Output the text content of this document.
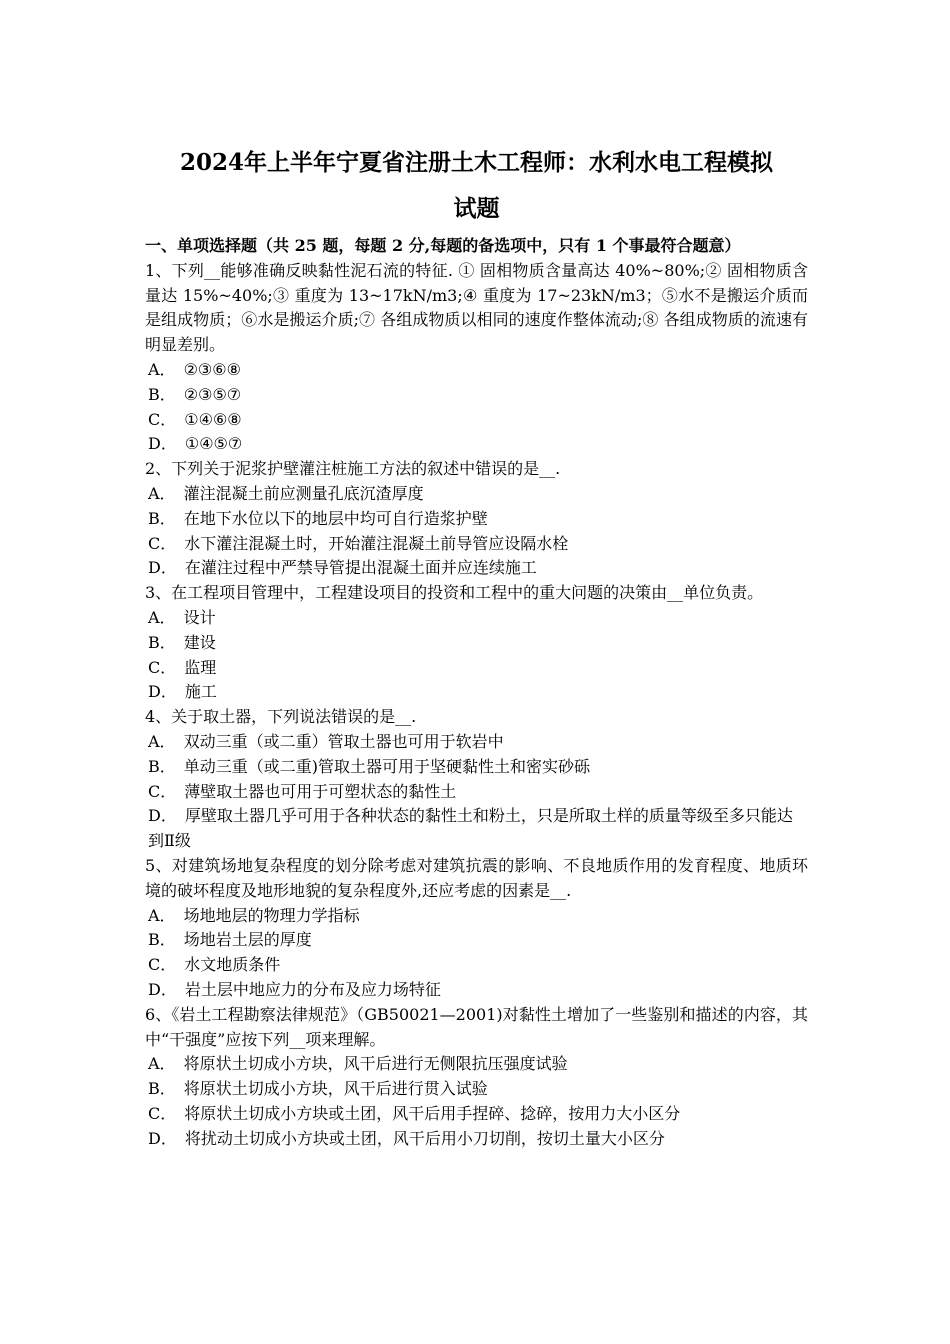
2024年上半年宁夏省注册土木工程师：水利水电工程模拟
试题

一、单项选择题（共 25 题，每题 2 分,每题的备选项中，只有 1 个事最符合题意）

1、下列__能够准确反映黏性泥石流的特征. ① 固相物质含量高达 40%~80%;② 固相物质含量达 15%~40%;③ 重度为 13~17kN/m3;④ 重度为 17~23kN/m3；⑤水不是搬运介质而是组成物质；⑥水是搬运介质;⑦ 各组成物质以相同的速度作整体流动;⑧ 各组成物质的流速有明显差别。

A． ②③⑥⑧
B． ②③⑤⑦
C． ①④⑥⑧
D． ①④⑤⑦

2、下列关于泥浆护壁灌注桩施工方法的叙述中错误的是__.

A． 灌注混凝土前应测量孔底沉渣厚度
B． 在地下水位以下的地层中均可自行造浆护壁
C． 水下灌注混凝土时，开始灌注混凝土前导管应设隔水栓
D． 在灌注过程中严禁导管提出混凝土面并应连续施工

3、在工程项目管理中，工程建设项目的投资和工程中的重大问题的决策由__单位负责。

A． 设计
B． 建设
C． 监理
D． 施工

4、关于取土器，下列说法错误的是__.

A． 双动三重（或二重）管取土器也可用于软岩中
B． 单动三重（或二重)管取土器可用于坚硬黏性土和密实砂砾
C． 薄壁取土器也可用于可塑状态的黏性土
D． 厚壁取土器几乎可用于各种状态的黏性土和粉土，只是所取土样的质量等级至多只能达到Ⅱ级

5、对建筑场地复杂程度的划分除考虑对建筑抗震的影响、不良地质作用的发育程度、地质环境的破坏程度及地形地貌的复杂程度外,还应考虑的因素是__.

A． 场地地层的物理力学指标
B． 场地岩土层的厚度
C． 水文地质条件
D． 岩土层中地应力的分布及应力场特征

6、《岩土工程勘察法律规范》（GB50021—2001)对黏性土增加了一些鉴别和描述的内容，其中“干强度”应按下列__项来理解。

A． 将原状土切成小方块，风干后进行无侧限抗压强度试验
B． 将原状土切成小方块，风干后进行贯入试验
C． 将原状土切成小方块或土团，风干后用手捏碎、捻碎，按用力大小区分
D． 将扰动土切成小方块或土团，风干后用小刀切削，按切土量大小区分
